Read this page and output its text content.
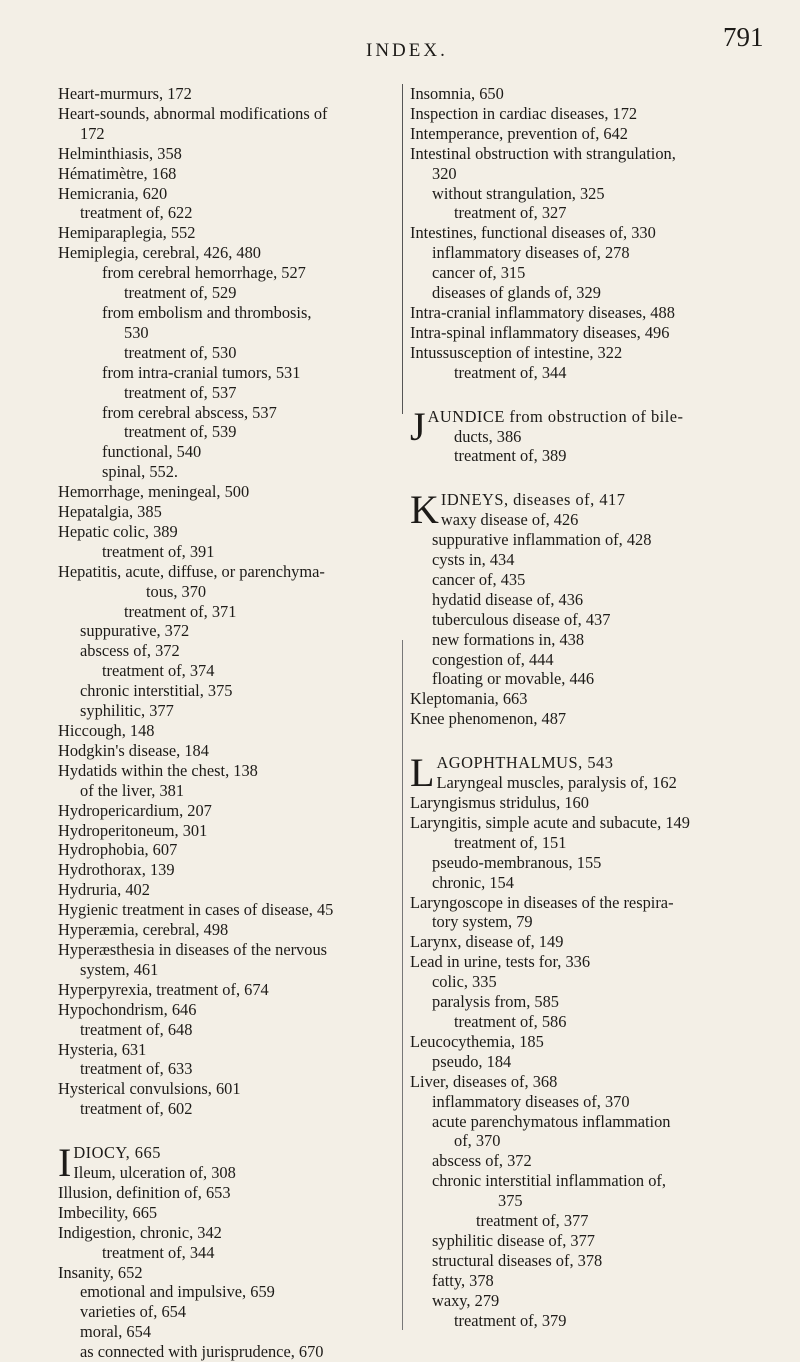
INDEX.	791
Heart-murmurs, 172
Heart-sounds, abnormal modifications of
172
Helminthiasis, 358
Hématimètre, 168
Hemicrania, 620
treatment of, 622
Hemiparaplegia, 552
Hemiplegia, cerebral, 426, 480
from cerebral hemorrhage, 527
treatment of, 529
from embolism and thrombosis,
530
treatment of, 530
from intra-cranial tumors, 531
treatment of, 537
from cerebral abscess, 537
treatment of, 539
functional, 540
spinal, 552.
Hemorrhage, meningeal, 500
Hepatalgia, 385
Hepatic colic, 389
treatment of, 391
Hepatitis, acute, diffuse, or parenchyma-
tous, 370
treatment of, 371
suppurative, 372
abscess of, 372
treatment of, 374
chronic interstitial, 375
syphilitic, 377
Hiccough, 148
Hodgkin's disease, 184
Hydatids within the chest, 138
of the liver, 381
Hydropericardium, 207
Hydroperitoneum, 301
Hydrophobia, 607
Hydrothorax, 139
Hydruria, 402
Hygienic treatment in cases of disease, 45
Hyperæmia, cerebral, 498
Hyperæsthesia in diseases of the nervous
system, 461
Hyperpyrexia, treatment of, 674
Hypochondrism, 646
treatment of, 648
Hysteria, 631
treatment of, 633
Hysterical convulsions, 601
treatment of, 602
IDIOCY, 665
Ileum, ulceration of, 308
Illusion, definition of, 653
Imbecility, 665
Indigestion, chronic, 342
treatment of, 344
Insanity, 652
emotional and impulsive, 659
varieties of, 654
moral, 654
as connected with jurisprudence, 670
Insomnia, 650
Inspection in cardiac diseases, 172
Intemperance, prevention of, 642
Intestinal obstruction with strangulation,
320
without strangulation, 325
treatment of, 327
Intestines, functional diseases of, 330
inflammatory diseases of, 278
cancer of, 315
diseases of glands of, 329
Intra-cranial inflammatory diseases, 488
Intra-spinal inflammatory diseases, 496
Intussusception of intestine, 322
treatment of, 344
JAUNDICE from obstruction of bile-
ducts, 386
treatment of, 389
KIDNEYS, diseases of, 417
waxy disease of, 426
suppurative inflammation of, 428
cysts in, 434
cancer of, 435
hydatid disease of, 436
tuberculous disease of, 437
new formations in, 438
congestion of, 444
floating or movable, 446
Kleptomania, 663
Knee phenomenon, 487
LAGOPHTHALMUS, 543
Laryngeal muscles, paralysis of, 162
Laryngismus stridulus, 160
Laryngitis, simple acute and subacute, 149
treatment of, 151
pseudo-membranous, 155
chronic, 154
Laryngoscope in diseases of the respira-
tory system, 79
Larynx, disease of, 149
Lead in urine, tests for, 336
colic, 335
paralysis from, 585
treatment of, 586
Leucocythemia, 185
pseudo, 184
Liver, diseases of, 368
inflammatory diseases of, 370
acute parenchymatous inflammation
of, 370
abscess of, 372
chronic interstitial inflammation of,
375
treatment of, 377
syphilitic disease of, 377
structural diseases of, 378
fatty, 378
waxy, 279
treatment of, 379
